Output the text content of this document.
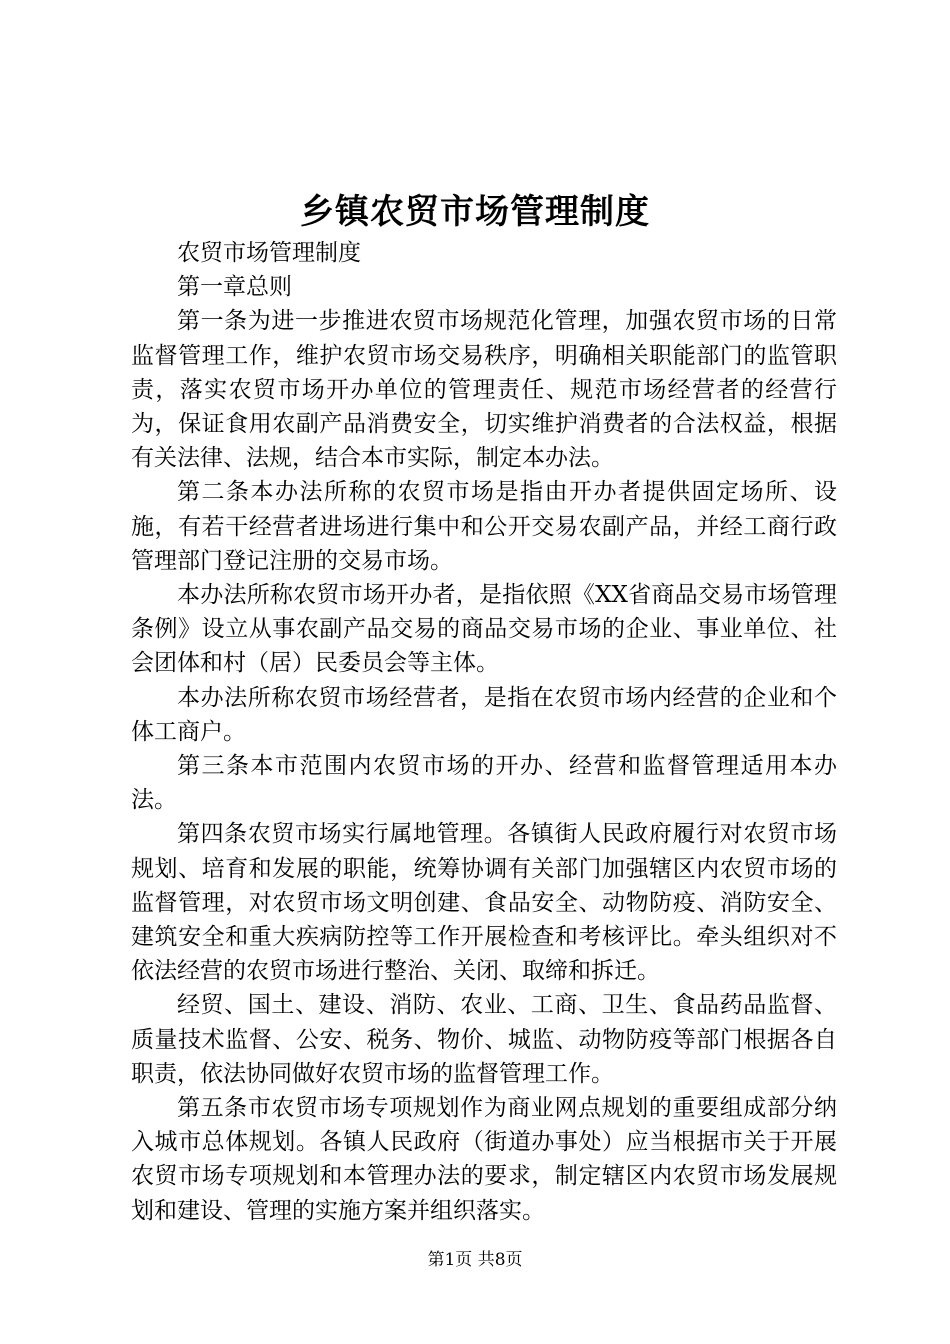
乡镇农贸市场管理制度

农贸市场管理制度

第一章总则

第一条为进一步推进农贸市场规范化管理，加强农贸市场的日常监督管理工作，维护农贸市场交易秩序，明确相关职能部门的监管职责，落实农贸市场开办单位的管理责任、规范市场经营者的经营行为，保证食用农副产品消费安全，切实维护消费者的合法权益，根据有关法律、法规，结合本市实际，制定本办法。

第二条本办法所称的农贸市场是指由开办者提供固定场所、设施，有若干经营者进场进行集中和公开交易农副产品，并经工商行政管理部门登记注册的交易市场。

本办法所称农贸市场开办者，是指依照《XX省商品交易市场管理条例》设立从事农副产品交易的商品交易市场的企业、事业单位、社会团体和村（居）民委员会等主体。

本办法所称农贸市场经营者，是指在农贸市场内经营的企业和个体工商户。

第三条本市范围内农贸市场的开办、经营和监督管理适用本办法。

第四条农贸市场实行属地管理。各镇街人民政府履行对农贸市场规划、培育和发展的职能，统筹协调有关部门加强辖区内农贸市场的监督管理，对农贸市场文明创建、食品安全、动物防疫、消防安全、建筑安全和重大疾病防控等工作开展检查和考核评比。牵头组织对不依法经营的农贸市场进行整治、关闭、取缔和拆迁。

经贸、国土、建设、消防、农业、工商、卫生、食品药品监督、质量技术监督、公安、税务、物价、城监、动物防疫等部门根据各自职责，依法协同做好农贸市场的监督管理工作。

第五条市农贸市场专项规划作为商业网点规划的重要组成部分纳入城市总体规划。各镇人民政府（街道办事处）应当根据市关于开展农贸市场专项规划和本管理办法的要求，制定辖区内农贸市场发展规划和建设、管理的实施方案并组织落实。

第1页 共8页
